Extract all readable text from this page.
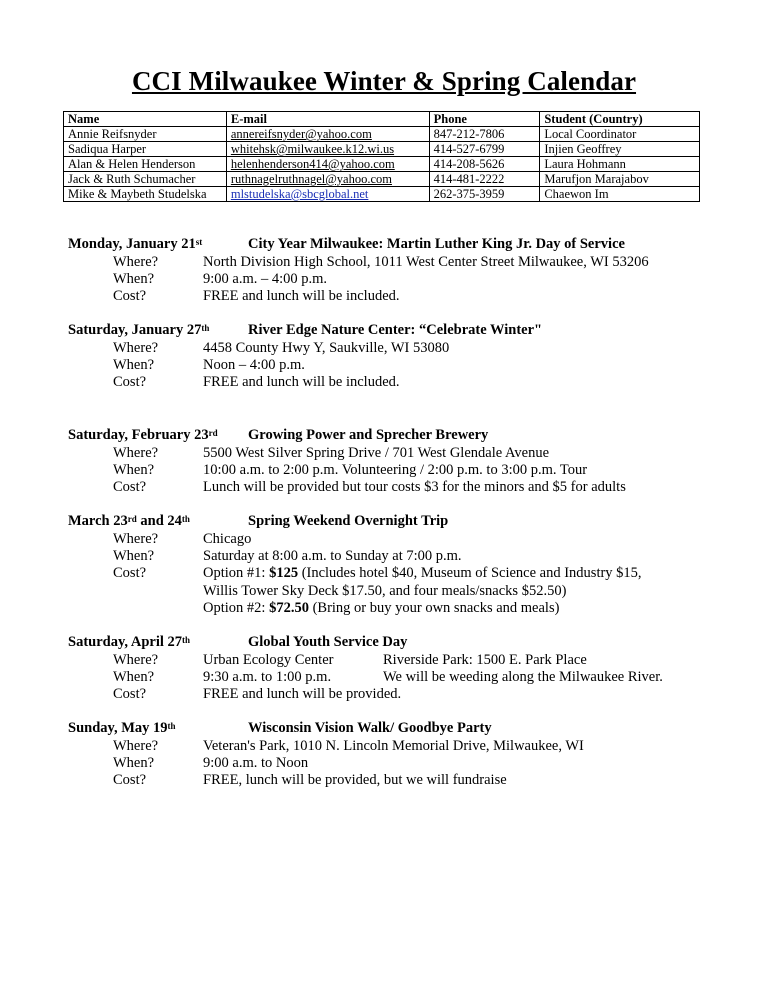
CCI Milwaukee Winter & Spring Calendar
Name	E-mail	Phone	Student (Country)
Annie Reifsnyder	annereifsnyder@yahoo.com	847-212-7806	Local Coordinator
Sadiqua Harper	whitehsk@milwaukee.k12.wi.us	414-527-6799	Injien Geoffrey
Alan & Helen Henderson	helenhenderson414@yahoo.com	414-208-5626	Laura Hohmann
Jack & Ruth Schumacher	ruthnagelruthnagel@yahoo.com	414-481-2222	Marufjon Marajabov
Mike & Maybeth Studelska	mlstudelska@sbcglobal.net	262-375-3959	Chaewon Im
Monday, January 21st	City Year Milwaukee: Martin Luther King Jr. Day of Service
Where?	North Division High School, 1011 West Center Street Milwaukee, WI 53206
When?	9:00 a.m. – 4:00 p.m.
Cost?	FREE and lunch will be included.
Saturday, January 27th	River Edge Nature Center: “Celebrate Winter"
Where?	4458 County Hwy Y, Saukville, WI 53080
When?	Noon – 4:00 p.m.
Cost?	FREE and lunch will be included.
Saturday, February 23rd Growing Power and Sprecher Brewery
Where?	5500 West Silver Spring Drive / 701 West Glendale Avenue
When?	10:00 a.m. to 2:00 p.m. Volunteering / 2:00 p.m. to 3:00 p.m. Tour
Cost?	Lunch will be provided but tour costs $3 for the minors and $5 for adults
March 23rd and 24th	Spring Weekend Overnight Trip
Where?	Chicago
When?	Saturday at 8:00 a.m. to Sunday at 7:00 p.m.
Cost?	Option #1: $125 (Includes hotel $40, Museum of Science and Industry $15,
Willis Tower Sky Deck $17.50, and four meals/snacks $52.50)
Option #2: $72.50 (Bring or buy your own snacks and meals)
Saturday, April 27th	Global Youth Service Day
Where?	Urban Ecology Center	Riverside Park: 1500 E. Park Place
When?	9:30 a.m. to 1:00 p.m.	We will be weeding along the Milwaukee River.
Cost?	FREE and lunch will be provided.
Sunday, May 19th	Wisconsin Vision Walk/ Goodbye Party
Where?	Veteran's Park, 1010 N. Lincoln Memorial Drive, Milwaukee, WI
When?	9:00 a.m. to Noon
Cost?	FREE, lunch will be provided, but we will fundraise
